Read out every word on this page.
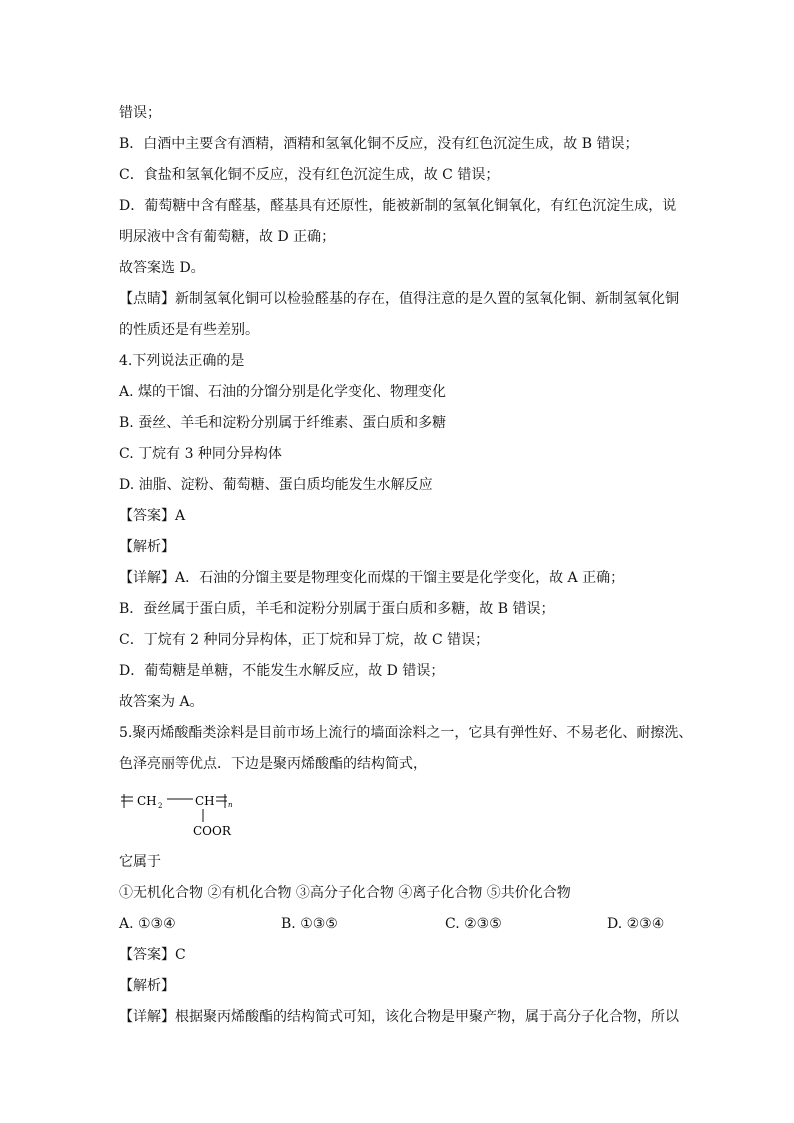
错误；
B．白酒中主要含有酒精，酒精和氢氧化铜不反应，没有红色沉淀生成，故 B 错误；
C．食盐和氢氧化铜不反应，没有红色沉淀生成，故 C 错误；
D．葡萄糖中含有醛基，醛基具有还原性，能被新制的氢氧化铜氧化，有红色沉淀生成，说
明尿液中含有葡萄糖，故 D 正确；
故答案选 D。
【点睛】新制氢氧化铜可以检验醛基的存在，值得注意的是久置的氢氧化铜、新制氢氧化铜
的性质还是有些差别。
4.下列说法正确的是
A. 煤的干馏、石油的分馏分别是化学变化、物理变化
B. 蚕丝、羊毛和淀粉分别属于纤维素、蛋白质和多糖
C. 丁烷有 3 种同分异构体
D. 油脂、淀粉、葡萄糖、蛋白质均能发生水解反应
【答案】A
【解析】
【详解】A．石油的分馏主要是物理变化而煤的干馏主要是化学变化，故 A 正确；
B．蚕丝属于蛋白质，羊毛和淀粉分别属于蛋白质和多糖，故 B 错误；
C．丁烷有 2 种同分异构体，正丁烷和异丁烷，故 C 错误；
D．葡萄糖是单糖，不能发生水解反应，故 D 错误；
故答案为 A。
5.聚丙烯酸酯类涂料是目前市场上流行的墙面涂料之一，它具有弹性好、不易老化、耐擦洗、
色泽亮丽等优点．下边是聚丙烯酸酯的结构简式，
CH 2	CH n
COOR
它属于
①无机化合物 ②有机化合物 ③高分子化合物 ④离子化合物 ⑤共价化合物
A. ①③④	B. ①③⑤	C. ②③⑤	D. ②③④
【答案】C
【解析】
【详解】根据聚丙烯酸酯的结构简式可知，该化合物是甲聚产物，属于高分子化合物，所以
